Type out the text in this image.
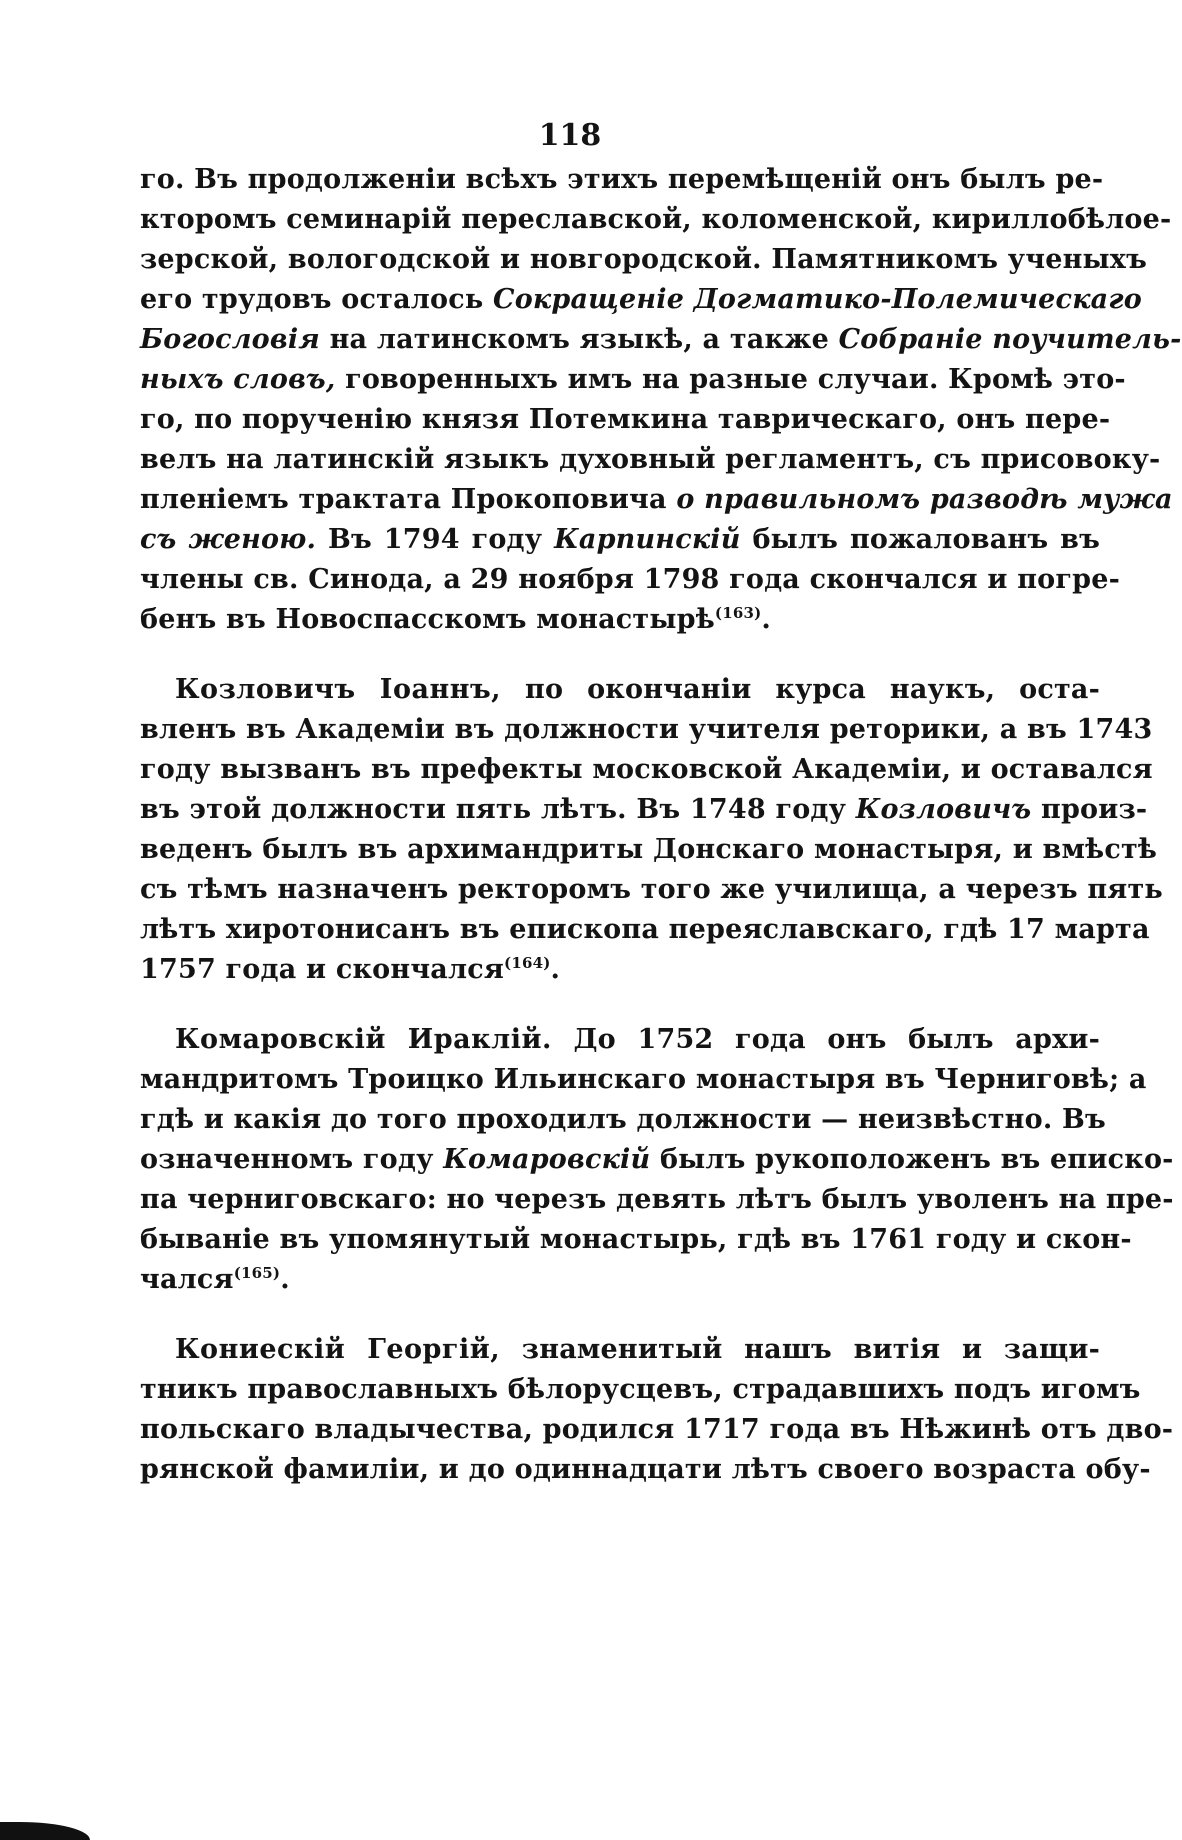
118
го. Въ продолженіи всѣхъ этихъ перемѣщеній онъ былъ ре-
кторомъ семинарій переславской, коломенской, кириллобѣлое-
зерской, вологодской и новгородской. Памятникомъ ученыхъ
его трудовъ осталось Сокращеніе Догматико-Полемическаго
Богословія на латинскомъ языкѣ, а также Собраніе поучитель-
ныхъ словъ, говоренныхъ имъ на разные случаи. Кромѣ это-
го, по порученію князя Потемкина таврическаго, онъ пере-
велъ на латинскій языкъ духовный регламентъ, съ присовоку-
пленіемъ трактата Прокоповича о правильномъ разводѣ мужа
съ женою. Въ 1794 году Карпинскій былъ пожалованъ въ
члены св. Синода, а 29 ноября 1798 года скончался и погре-
бенъ въ Новоспасскомъ монастырѣ$^{(163)}$.
Козловичъ Іоаннъ, по окончаніи курса наукъ, оста-
вленъ въ Академіи въ должности учителя реторики, а въ 1743
году вызванъ въ префекты московской Академіи, и оставался
въ этой должности пять лѣтъ. Въ 1748 году Козловичъ произ-
веденъ былъ въ архимандриты Донскаго монастыря, и вмѣстѣ
съ тѣмъ назначенъ ректоромъ того же училища, а черезъ пять
лѣтъ хиротонисанъ въ епископа переяславскаго, гдѣ 17 марта
1757 года и скончался$^{(164)}$.
Комаровскій Ираклій. До 1752 года онъ былъ архи-
мандритомъ Троицко Ильинскаго монастыря въ Черниговѣ; а
гдѣ и какія до того проходилъ должности — неизвѣстно. Въ
означенномъ году Комаровскій былъ рукоположенъ въ еписко-
па черниговскаго: но черезъ девять лѣтъ былъ уволенъ на пре-
бываніе въ упомянутый монастырь, гдѣ въ 1761 году и скон-
чался$^{(165)}$.
Кониескій Георгій, знаменитый нашъ витія и защи-
тникъ православныхъ бѣлорусцевъ, страдавшихъ подъ игомъ
польскаго владычества, родился 1717 года въ Нѣжинѣ отъ дво-
рянской фамиліи, и до одиннадцати лѣтъ своего возраста обу-
